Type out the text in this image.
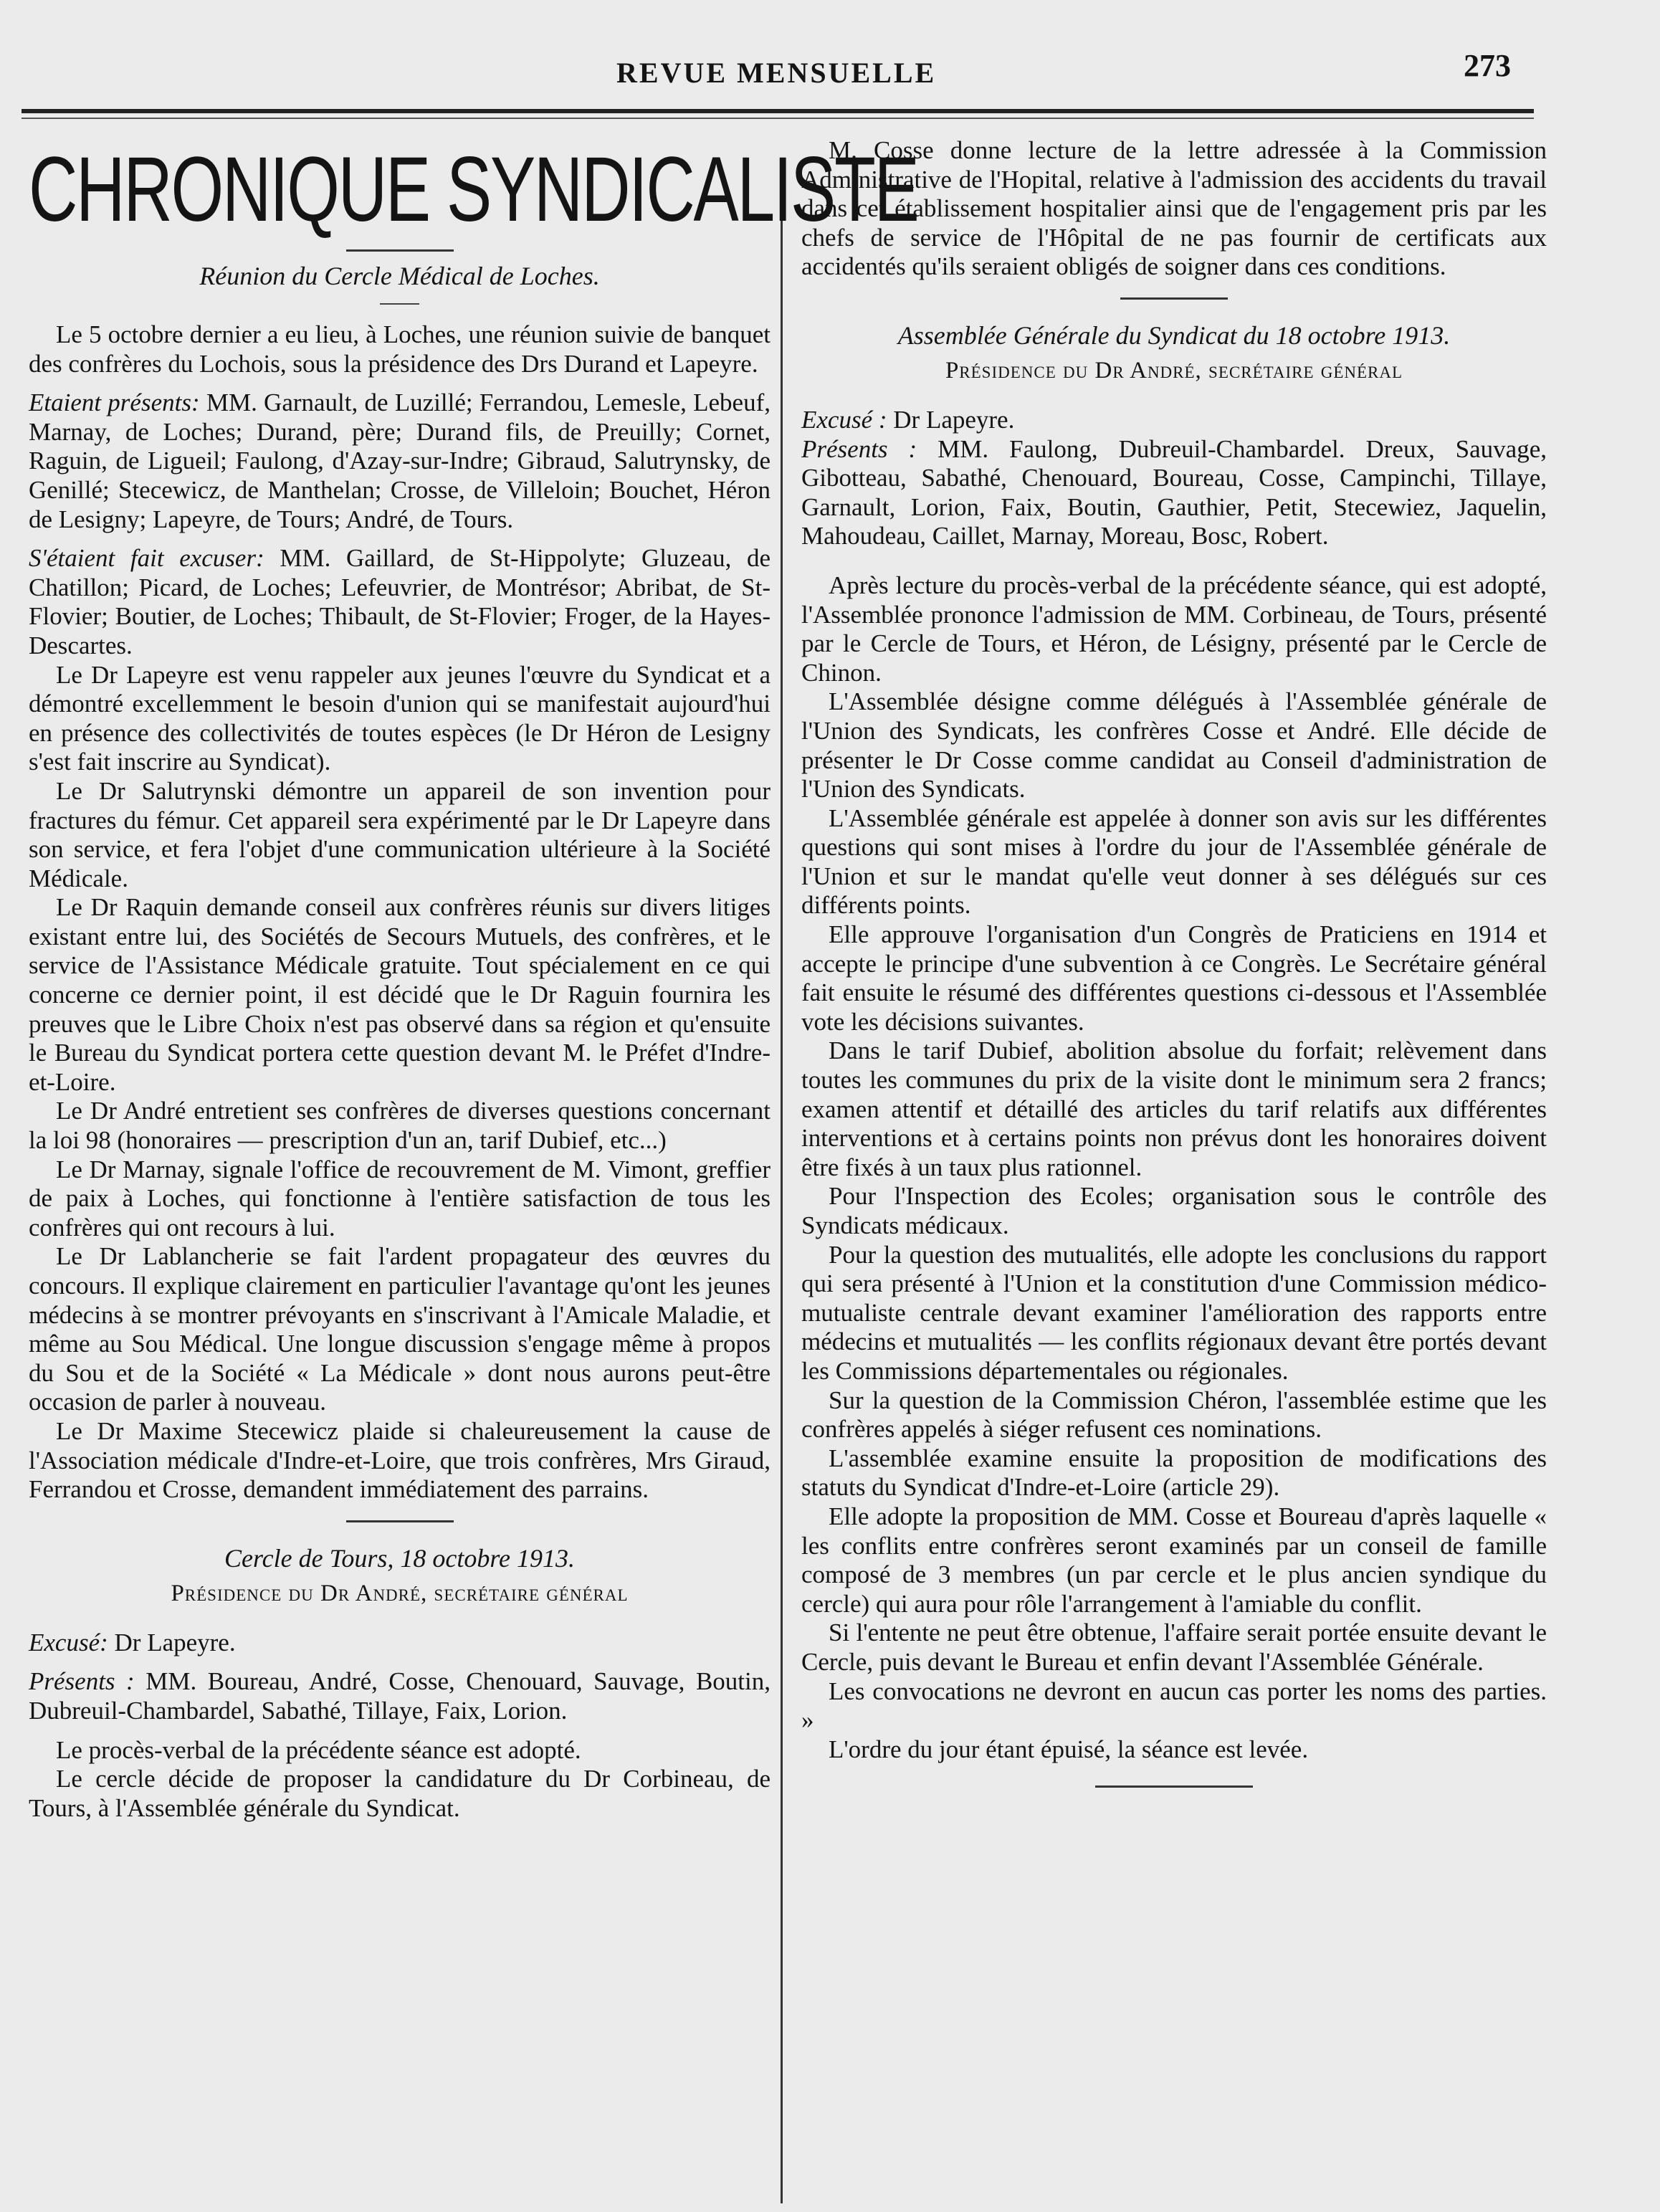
REVUE MENSUELLE	273
CHRONIQUE SYNDICALISTE
Réunion du Cercle Médical de Loches.

Le 5 octobre dernier a eu lieu, à Loches, une réunion suivie de banquet des confrères du Lochois, sous la présidence des Drs Durand et Lapeyre.

Etaient présents: MM. Garnault, de Luzillé; Ferrandou, Lemesle, Lebeuf, Marnay, de Loches; Durand, père; Durand fils, de Preuilly; Cornet, Raguin, de Ligueil; Faulong, d'Azay-sur-Indre; Gibraud, Salutrynsky, de Genillé; Stecewicz, de Manthelan; Crosse, de Villeloin; Bouchet, Héron de Lesigny; Lapeyre, de Tours; André, de Tours.

S'étaient fait excuser: MM. Gaillard, de St-Hippolyte; Gluzeau, de Chatillon; Picard, de Loches; Lefeuvrier, de Montrésor; Abribat, de St-Flovier; Boutier, de Loches; Thibault, de St-Flovier; Froger, de la Hayes-Descartes.

Le Dr Lapeyre est venu rappeler aux jeunes l'œuvre du Syndicat et a démontré excellemment le besoin d'union qui se manifestait aujourd'hui en présence des collectivités de toutes espèces (le Dr Héron de Lesigny s'est fait inscrire au Syndicat).

Le Dr Salutrynski démontre un appareil de son invention pour fractures du fémur. Cet appareil sera expérimenté par le Dr Lapeyre dans son service, et fera l'objet d'une communication ultérieure à la Société Médicale.

Le Dr Raquin demande conseil aux confrères réunis sur divers litiges existant entre lui, des Sociétés de Secours Mutuels, des confrères, et le service de l'Assistance Médicale gratuite. Tout spécialement en ce qui concerne ce dernier point, il est décidé que le Dr Raguin fournira les preuves que le Libre Choix n'est pas observé dans sa région et qu'ensuite le Bureau du Syndicat portera cette question devant M. le Préfet d'Indre-et-Loire.

Le Dr André entretient ses confrères de diverses questions concernant la loi 98 (honoraires — prescription d'un an, tarif Dubief, etc...)

Le Dr Marnay, signale l'office de recouvrement de M. Vimont, greffier de paix à Loches, qui fonctionne à l'entière satisfaction de tous les confrères qui ont recours à lui.

Le Dr Lablancherie se fait l'ardent propagateur des œuvres du concours. Il explique clairement en particulier l'avantage qu'ont les jeunes médecins à se montrer prévoyants en s'inscrivant à l'Amicale Maladie, et même au Sou Médical. Une longue discussion s'engage même à propos du Sou et de la Société « La Médicale » dont nous aurons peut-être occasion de parler à nouveau.

Le Dr Maxime Stecewicz plaide si chaleureusement la cause de l'Association médicale d'Indre-et-Loire, que trois confrères, Mrs Giraud, Ferrandou et Crosse, demandent immédiatement des parrains.

Cercle de Tours, 18 octobre 1913.
Présidence du Dr André, secrétaire général

Excusé: Dr Lapeyre.

Présents : MM. Boureau, André, Cosse, Chenouard, Sauvage, Boutin, Dubreuil-Chambardel, Sabathé, Tillaye, Faix, Lorion.

Le procès-verbal de la précédente séance est adopté.

Le cercle décide de proposer la candidature du Dr Corbineau, de Tours, à l'Assemblée générale du Syndicat.

M. Cosse donne lecture de la lettre adressée à la Commission Administrative de l'Hopital, relative à l'admission des accidents du travail dans cet établissement hospitalier ainsi que de l'engagement pris par les chefs de service de l'Hôpital de ne pas fournir de certificats aux accidentés qu'ils seraient obligés de soigner dans ces conditions.

Assemblée Générale du Syndicat du 18 octobre 1913.
Présidence du Dr André, secrétaire général

Excusé : Dr Lapeyre.

Présents : MM. Faulong, Dubreuil-Chambardel. Dreux, Sauvage, Gibotteau, Sabathé, Chenouard, Boureau, Cosse, Campinchi, Tillaye, Garnault, Lorion, Faix, Boutin, Gauthier, Petit, Stecewiez, Jaquelin, Mahoudeau, Caillet, Marnay, Moreau, Bosc, Robert.

Après lecture du procès-verbal de la précédente séance, qui est adopté, l'Assemblée prononce l'admission de MM. Corbineau, de Tours, présenté par le Cercle de Tours, et Héron, de Lésigny, présenté par le Cercle de Chinon.

L'Assemblée désigne comme délégués à l'Assemblée générale de l'Union des Syndicats, les confrères Cosse et André. Elle décide de présenter le Dr Cosse comme candidat au Conseil d'administration de l'Union des Syndicats.

L'Assemblée générale est appelée à donner son avis sur les différentes questions qui sont mises à l'ordre du jour de l'Assemblée générale de l'Union et sur le mandat qu'elle veut donner à ses délégués sur ces différents points.

Elle approuve l'organisation d'un Congrès de Praticiens en 1914 et accepte le principe d'une subvention à ce Congrès. Le Secrétaire général fait ensuite le résumé des différentes questions ci-dessous et l'Assemblée vote les décisions suivantes.

Dans le tarif Dubief, abolition absolue du forfait; relèvement dans toutes les communes du prix de la visite dont le minimum sera 2 francs; examen attentif et détaillé des articles du tarif relatifs aux différentes interventions et à certains points non prévus dont les honoraires doivent être fixés à un taux plus rationnel.

Pour l'Inspection des Ecoles; organisation sous le contrôle des Syndicats médicaux.

Pour la question des mutualités, elle adopte les conclusions du rapport qui sera présenté à l'Union et la constitution d'une Commission médico-mutualiste centrale devant examiner l'amélioration des rapports entre médecins et mutualités — les conflits régionaux devant être portés devant les Commissions départementales ou régionales.

Sur la question de la Commission Chéron, l'assemblée estime que les confrères appelés à siéger refusent ces nominations.

L'assemblée examine ensuite la proposition de modifications des statuts du Syndicat d'Indre-et-Loire (article 29).

Elle adopte la proposition de MM. Cosse et Boureau d'après laquelle « les conflits entre confrères seront examinés par un conseil de famille composé de 3 membres (un par cercle et le plus ancien syndique du cercle) qui aura pour rôle l'arrangement à l'amiable du conflit.

Si l'entente ne peut être obtenue, l'affaire serait portée ensuite devant le Cercle, puis devant le Bureau et enfin devant l'Assemblée Générale.

Les convocations ne devront en aucun cas porter les noms des parties. »

L'ordre du jour étant épuisé, la séance est levée.
